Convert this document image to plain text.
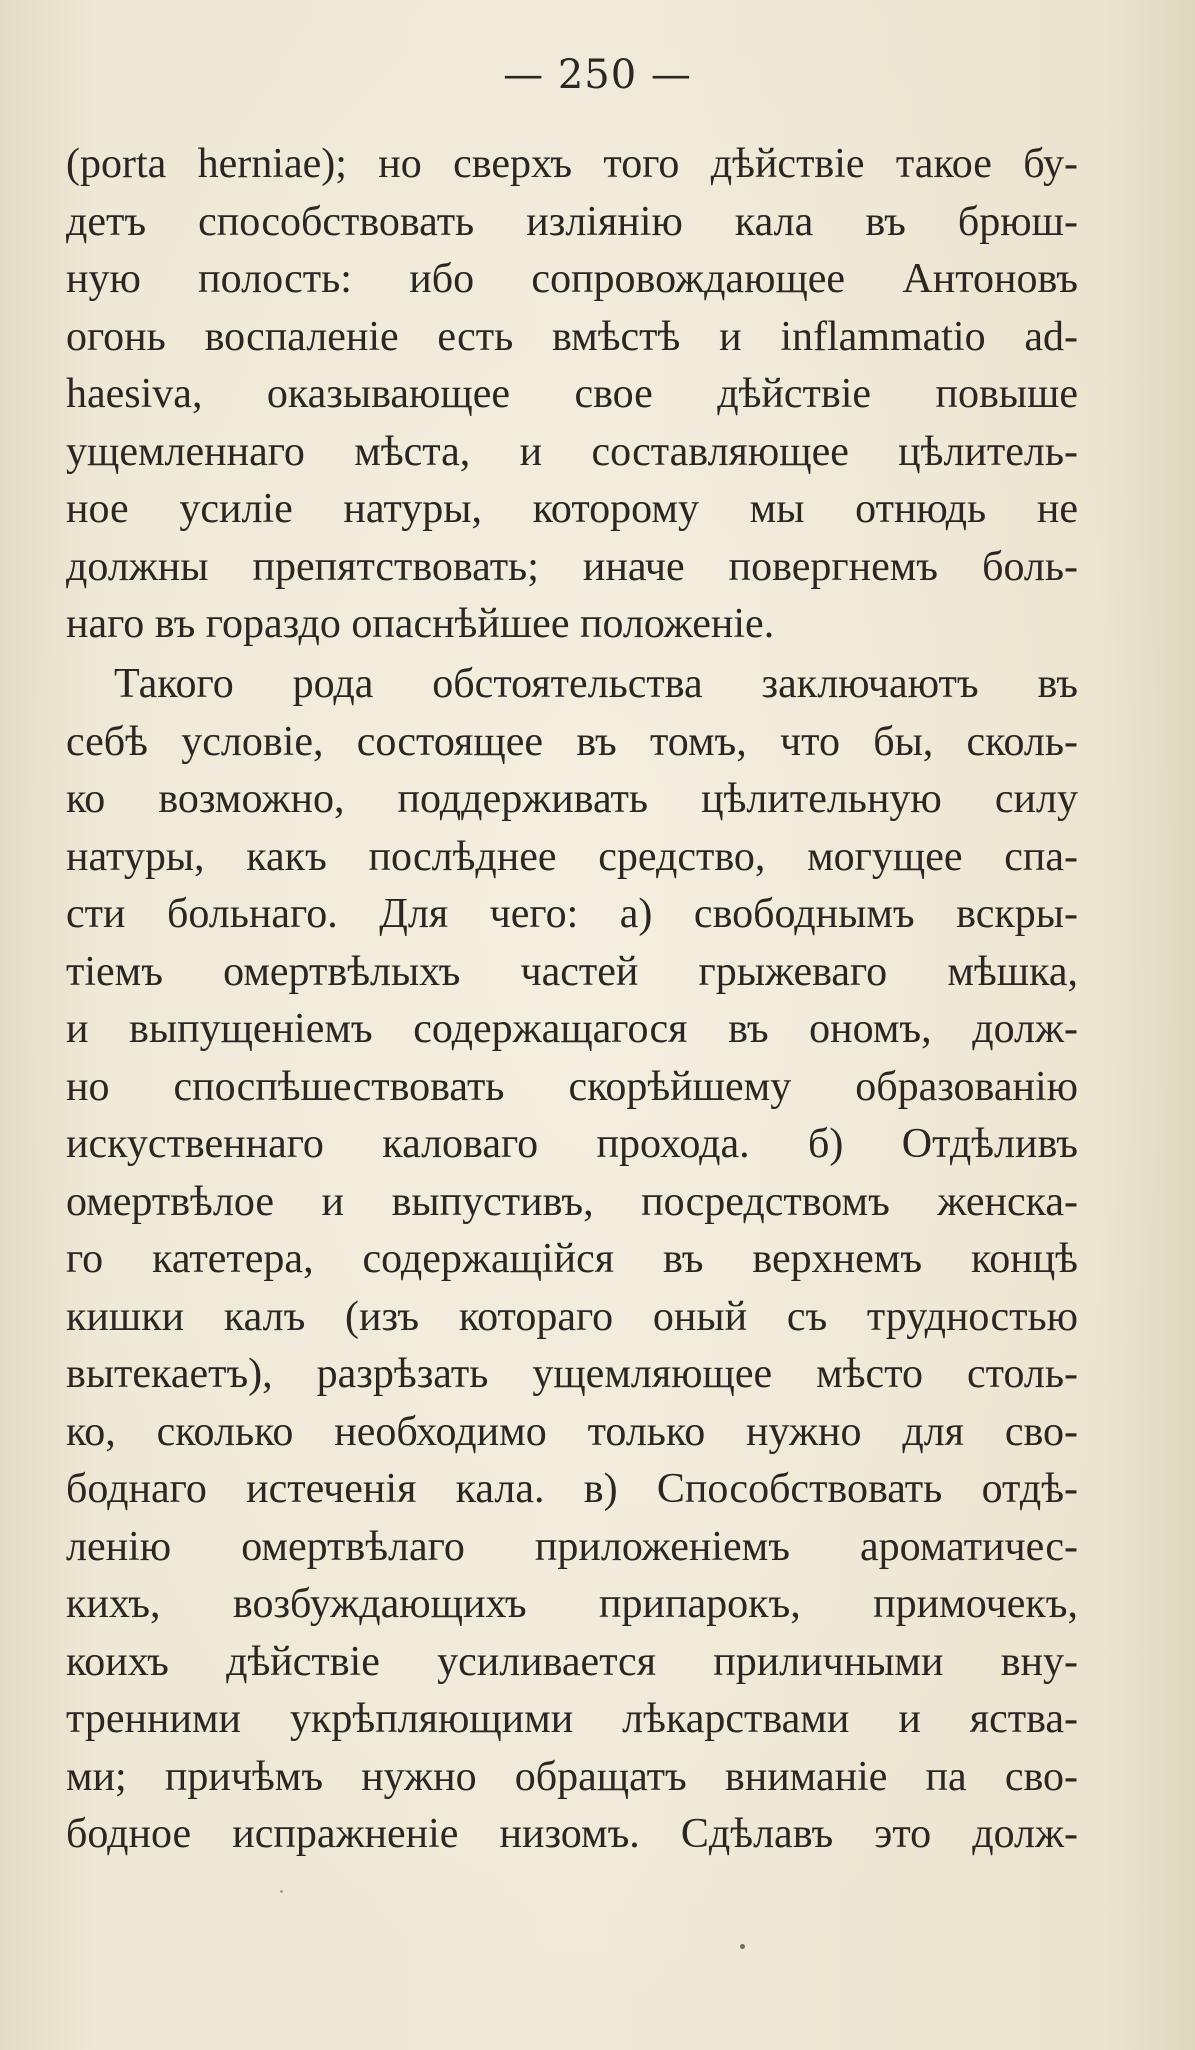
— 250 —
(porta herniae); но сверхъ того дѣйствіе такое бу-
детъ способствовать изліянію кала въ брюш-
ную полость: ибо сопровождающее Антоновъ
огонь воспаленіе есть вмѣстѣ и inflammatio ad-
haesiva, оказывающее свое дѣйствіе повыше
ущемленнаго мѣста, и составляющее цѣлитель-
ное усиліе натуры, которому мы отнюдь не
должны препятствовать; иначе повергнемъ боль-
наго въ гораздо опаснѣйшее положеніе.
Такого рода обстоятельства заключаютъ въ
себѣ условіе, состоящее въ томъ, что бы, сколь-
ко возможно, поддерживать цѣлительную силу
натуры, какъ послѣднее средство, могущее спа-
сти больнаго. Для чего: а) свободнымъ вскры-
тіемъ омертвѣлыхъ частей грыжеваго мѣшка,
и выпущеніемъ содержащагося въ ономъ, долж-
но споспѣшествовать скорѣйшему образованію
искуственнаго каловаго прохода. б) Отдѣливъ
омертвѣлое и выпустивъ, посредствомъ женска-
го катетера, содержащійся въ верхнемъ концѣ
кишки калъ (изъ котораго оный съ трудностью
вытекаетъ), разрѣзать ущемляющее мѣсто столь-
ко, сколько необходимо только нужно для сво-
боднаго истеченія кала. в) Способствовать отдѣ-
ленію омертвѣлаго приложеніемъ ароматичес-
кихъ, возбуждающихъ припарокъ, примочекъ,
коихъ дѣйствіе усиливается приличными вну-
тренними укрѣпляющими лѣкарствами и яства-
ми; причѣмъ нужно обращатъ вниманіе па сво-
бодное испражненіе низомъ. Сдѣлавъ это долж-
